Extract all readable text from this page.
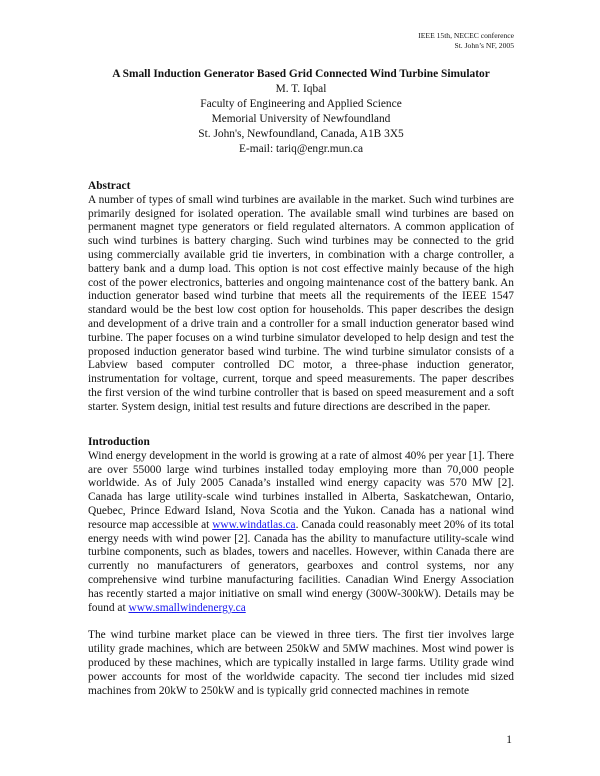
IEEE 15th, NECEC conference
St. John’s NF, 2005
A Small Induction Generator Based Grid Connected Wind Turbine Simulator
M. T. Iqbal
Faculty of Engineering and Applied Science
Memorial University of Newfoundland
St. John's, Newfoundland, Canada, A1B 3X5
E-mail: tariq@engr.mun.ca
Abstract
A number of types of small wind turbines are available in the market. Such wind turbines are primarily designed for isolated operation. The available small wind turbines are based on permanent magnet type generators or field regulated alternators. A common application of such wind turbines is battery charging. Such wind turbines may be connected to the grid using commercially available grid tie inverters, in combination with a charge controller, a battery bank and a dump load. This option is not cost effective mainly because of the high cost of the power electronics, batteries and ongoing maintenance cost of the battery bank. An induction generator based wind turbine that meets all the requirements of the IEEE 1547 standard would be the best low cost option for households. This paper describes the design and development of a drive train and a controller for a small induction generator based wind turbine. The paper focuses on a wind turbine simulator developed to help design and test the proposed induction generator based wind turbine. The wind turbine simulator consists of a Labview based computer controlled DC motor, a three-phase induction generator, instrumentation for voltage, current, torque and speed measurements. The paper describes the first version of the wind turbine controller that is based on speed measurement and a soft starter. System design, initial test results and future directions are described in the paper.
Introduction
Wind energy development in the world is growing at a rate of almost 40% per year [1]. There are over 55000 large wind turbines installed today employing more than 70,000 people worldwide. As of July 2005 Canada’s installed wind energy capacity was 570 MW [2]. Canada has large utility-scale wind turbines installed in Alberta, Saskatchewan, Ontario, Quebec, Prince Edward Island, Nova Scotia and the Yukon. Canada has a national wind resource map accessible at www.windatlas.ca. Canada could reasonably meet 20% of its total energy needs with wind power [2]. Canada has the ability to manufacture utility-scale wind turbine components, such as blades, towers and nacelles. However, within Canada there are currently no manufacturers of generators, gearboxes and control systems, nor any comprehensive wind turbine manufacturing facilities. Canadian Wind Energy Association has recently started a major initiative on small wind energy (300W-300kW). Details may be found at www.smallwindenergy.ca
The wind turbine market place can be viewed in three tiers. The first tier involves large utility grade machines, which are between 250kW and 5MW machines. Most wind power is produced by these machines, which are typically installed in large farms. Utility grade wind power accounts for most of the worldwide capacity. The second tier includes mid sized machines from 20kW to 250kW and is typically grid connected machines in remote
1
